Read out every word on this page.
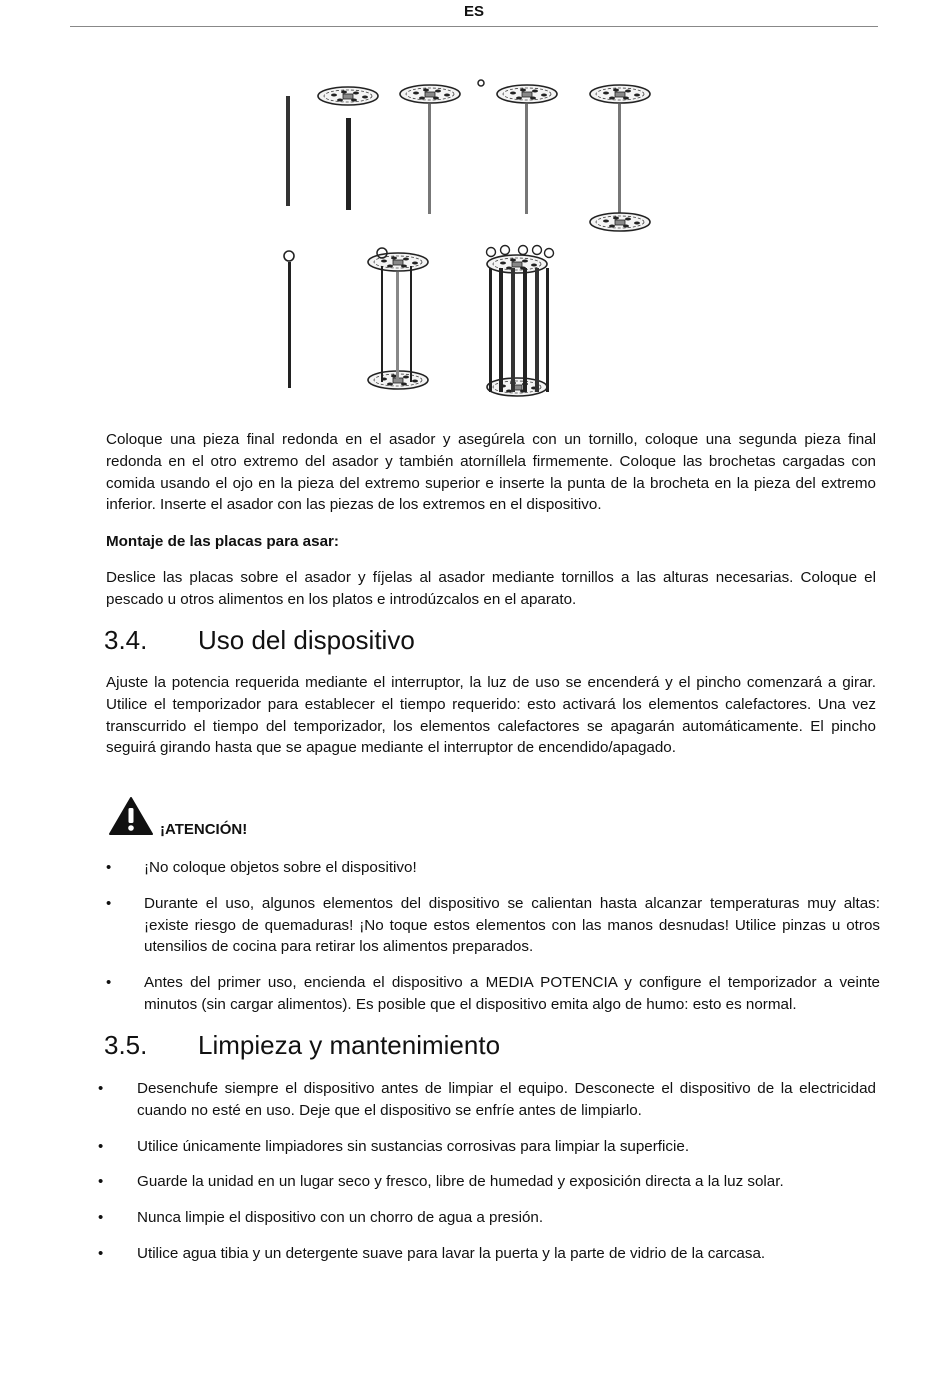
ES

Coloque una pieza final redonda en el asador y asegúrela con un tornillo, coloque una segunda pieza final redonda en el otro extremo del asador y también atorníllela firmemente. Coloque las brochetas cargadas con comida usando el ojo en la pieza del extremo superior e inserte la punta de la brocheta en la pieza del extremo inferior. Inserte el asador con las piezas de los extremos en el dispositivo.

Montaje de las placas para asar:

Deslice las placas sobre el asador y fíjelas al asador mediante tornillos a las alturas necesarias. Coloque el pescado u otros alimentos en los platos e introdúzcalos en el aparato.

3.4. Uso del dispositivo

Ajuste la potencia requerida mediante el interruptor, la luz de uso se encenderá y el pincho comenzará a girar. Utilice el temporizador para establecer el tiempo requerido: esto activará los elementos calefactores. Una vez transcurrido el tiempo del temporizador, los elementos calefactores se apagarán automáticamente. El pincho seguirá girando hasta que se apague mediante el interruptor de encendido/apagado.

¡ATENCIÓN!
• ¡No coloque objetos sobre el dispositivo!
• Durante el uso, algunos elementos del dispositivo se calientan hasta alcanzar temperaturas muy altas: ¡existe riesgo de quemaduras! ¡No toque estos elementos con las manos desnudas! Utilice pinzas u otros utensilios de cocina para retirar los alimentos preparados.
• Antes del primer uso, encienda el dispositivo a MEDIA POTENCIA y configure el temporizador a veinte minutos (sin cargar alimentos). Es posible que el dispositivo emita algo de humo: esto es normal.
3.5. Limpieza y mantenimiento
• Desenchufe siempre el dispositivo antes de limpiar el equipo. Desconecte el dispositivo de la electricidad cuando no esté en uso. Deje que el dispositivo se enfríe antes de limpiarlo.
• Utilice únicamente limpiadores sin sustancias corrosivas para limpiar la superficie.
• Guarde la unidad en un lugar seco y fresco, libre de humedad y exposición directa a la luz solar.
• Nunca limpie el dispositivo con un chorro de agua a presión.
• Utilice agua tibia y un detergente suave para lavar la puerta y la parte de vidrio de la carcasa.
